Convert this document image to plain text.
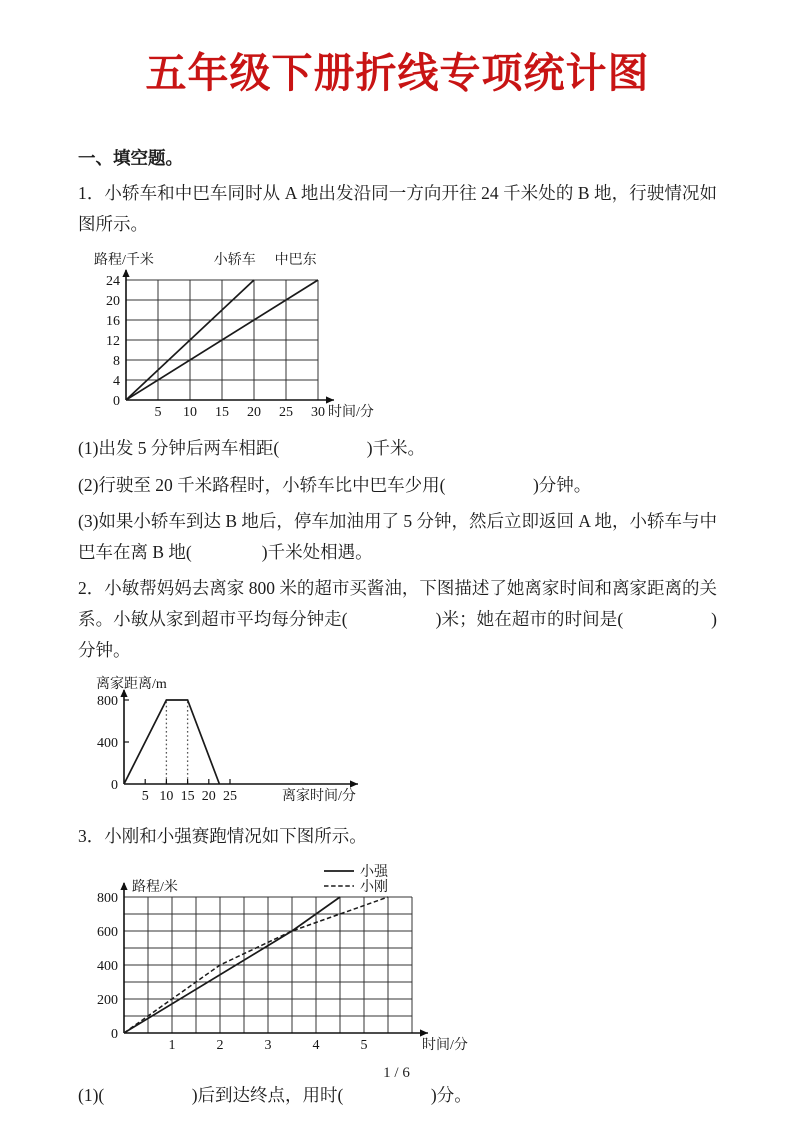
五年级下册折线专项统计图
一、填空题。

1．小轿车和中巴车同时从 A 地出发沿同一方向开往 24 千米处的 B 地，行驶情况如图所示。

5 10 15 20 25 30
0
4
8
12
16
20
24
小轿车 中巴东
路程/千米
时间/分

(1)出发 5 分钟后两车相距(　　　　　)千米。

(2)行驶至 20 千米路程时，小轿车比中巴车少用(　　　　　)分钟。

(3)如果小轿车到达 B 地后，停车加油用了 5 分钟，然后立即返回 A 地，小轿车与中巴车在离 B 地(　　　　)千米处相遇。

2．小敏帮妈妈去离家 800 米的超市买酱油，下图描述了她离家时间和离家距离的关系。小敏从家到超市平均每分钟走(　　　　　)米；她在超市的时间是(　　　　　)分钟。

5 10 15 20 25
0
400
800
离家距离/m
离家时间/分

3．小刚和小强赛跑情况如下图所示。

1	2	3	4	5
0
200
400
600
800
路程/米
时间/分
小强
小刚

(1)(　　　　　)后到达终点，用时(　　　　　)分。

1 / 6
